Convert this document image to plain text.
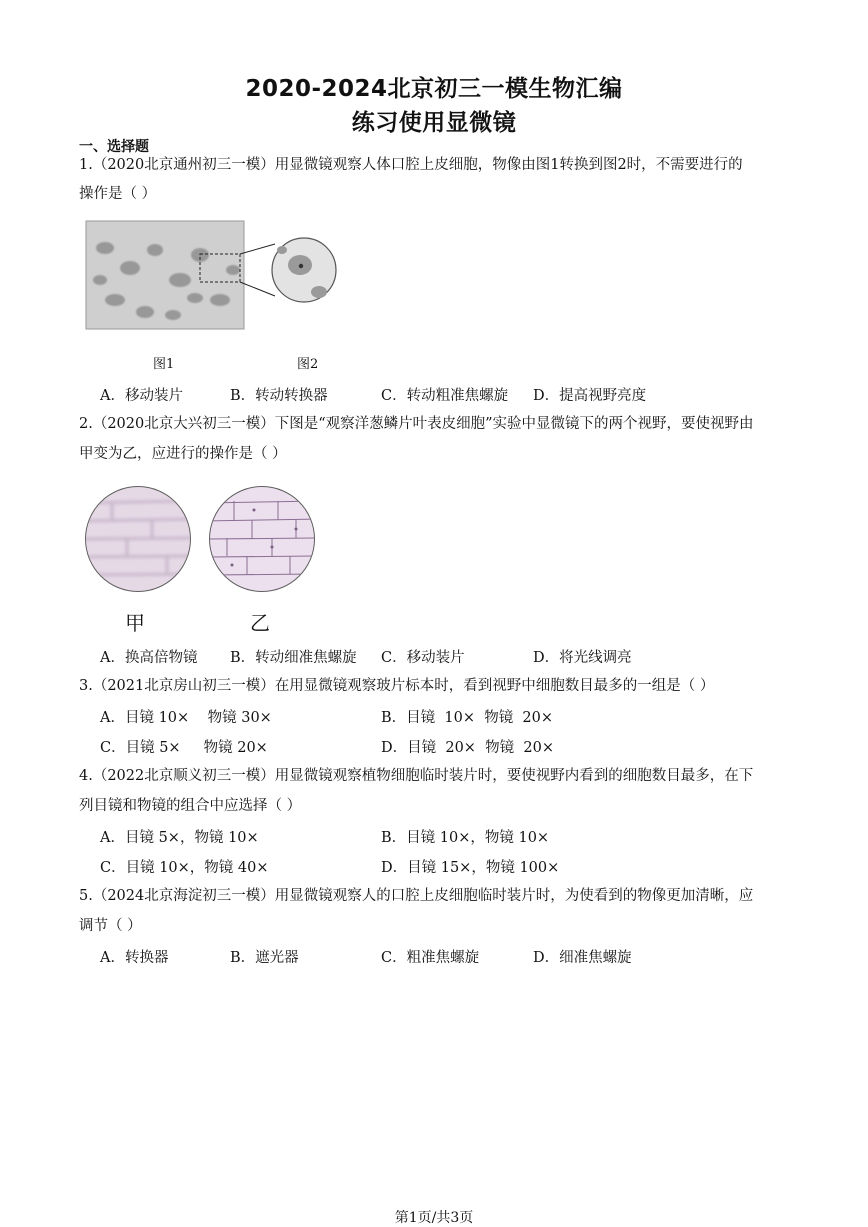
2020-2024北京初三一模生物汇编
练习使用显微镜
一、选择题
1.（2020北京通州初三一模）用显微镜观察人体口腔上皮细胞，物像由图1转换到图2时，不需要进行的
操作是（ ）
图1	图2
A．移动装片	B．转动转换器	C．转动粗准焦螺旋 D．提高视野亮度
2.（2020北京大兴初三一模）下图是“观察洋葱鳞片叶表皮细胞”实验中显微镜下的两个视野，要使视野由
甲变为乙，应进行的操作是（ ）
甲	乙
A．换高倍物镜 B．转动细准焦螺旋 C．移动装片	D．将光线调亮
3.（2021北京房山初三一模）在用显微镜观察玻片标本时，看到视野中细胞数目最多的一组是（ ）
A．目镜 10×    物镜 30×	B．目镜  10×  物镜  20×
C．目镜 5×     物镜 20×	D．目镜  20×  物镜  20×
4.（2022北京顺义初三一模）用显微镜观察植物细胞临时装片时，要使视野内看到的细胞数目最多，在下
列目镜和物镜的组合中应选择（ ）
A．目镜 5×，物镜 10×	B．目镜 10×，物镜 10×
C．目镜 10×，物镜 40×	D．目镜 15×，物镜 100×
5.（2024北京海淀初三一模）用显微镜观察人的口腔上皮细胞临时装片时，为使看到的物像更加清晰，应
调节（ ）
A．转换器	B．遮光器	C．粗准焦螺旋	D．细准焦螺旋
第1页/共3页
